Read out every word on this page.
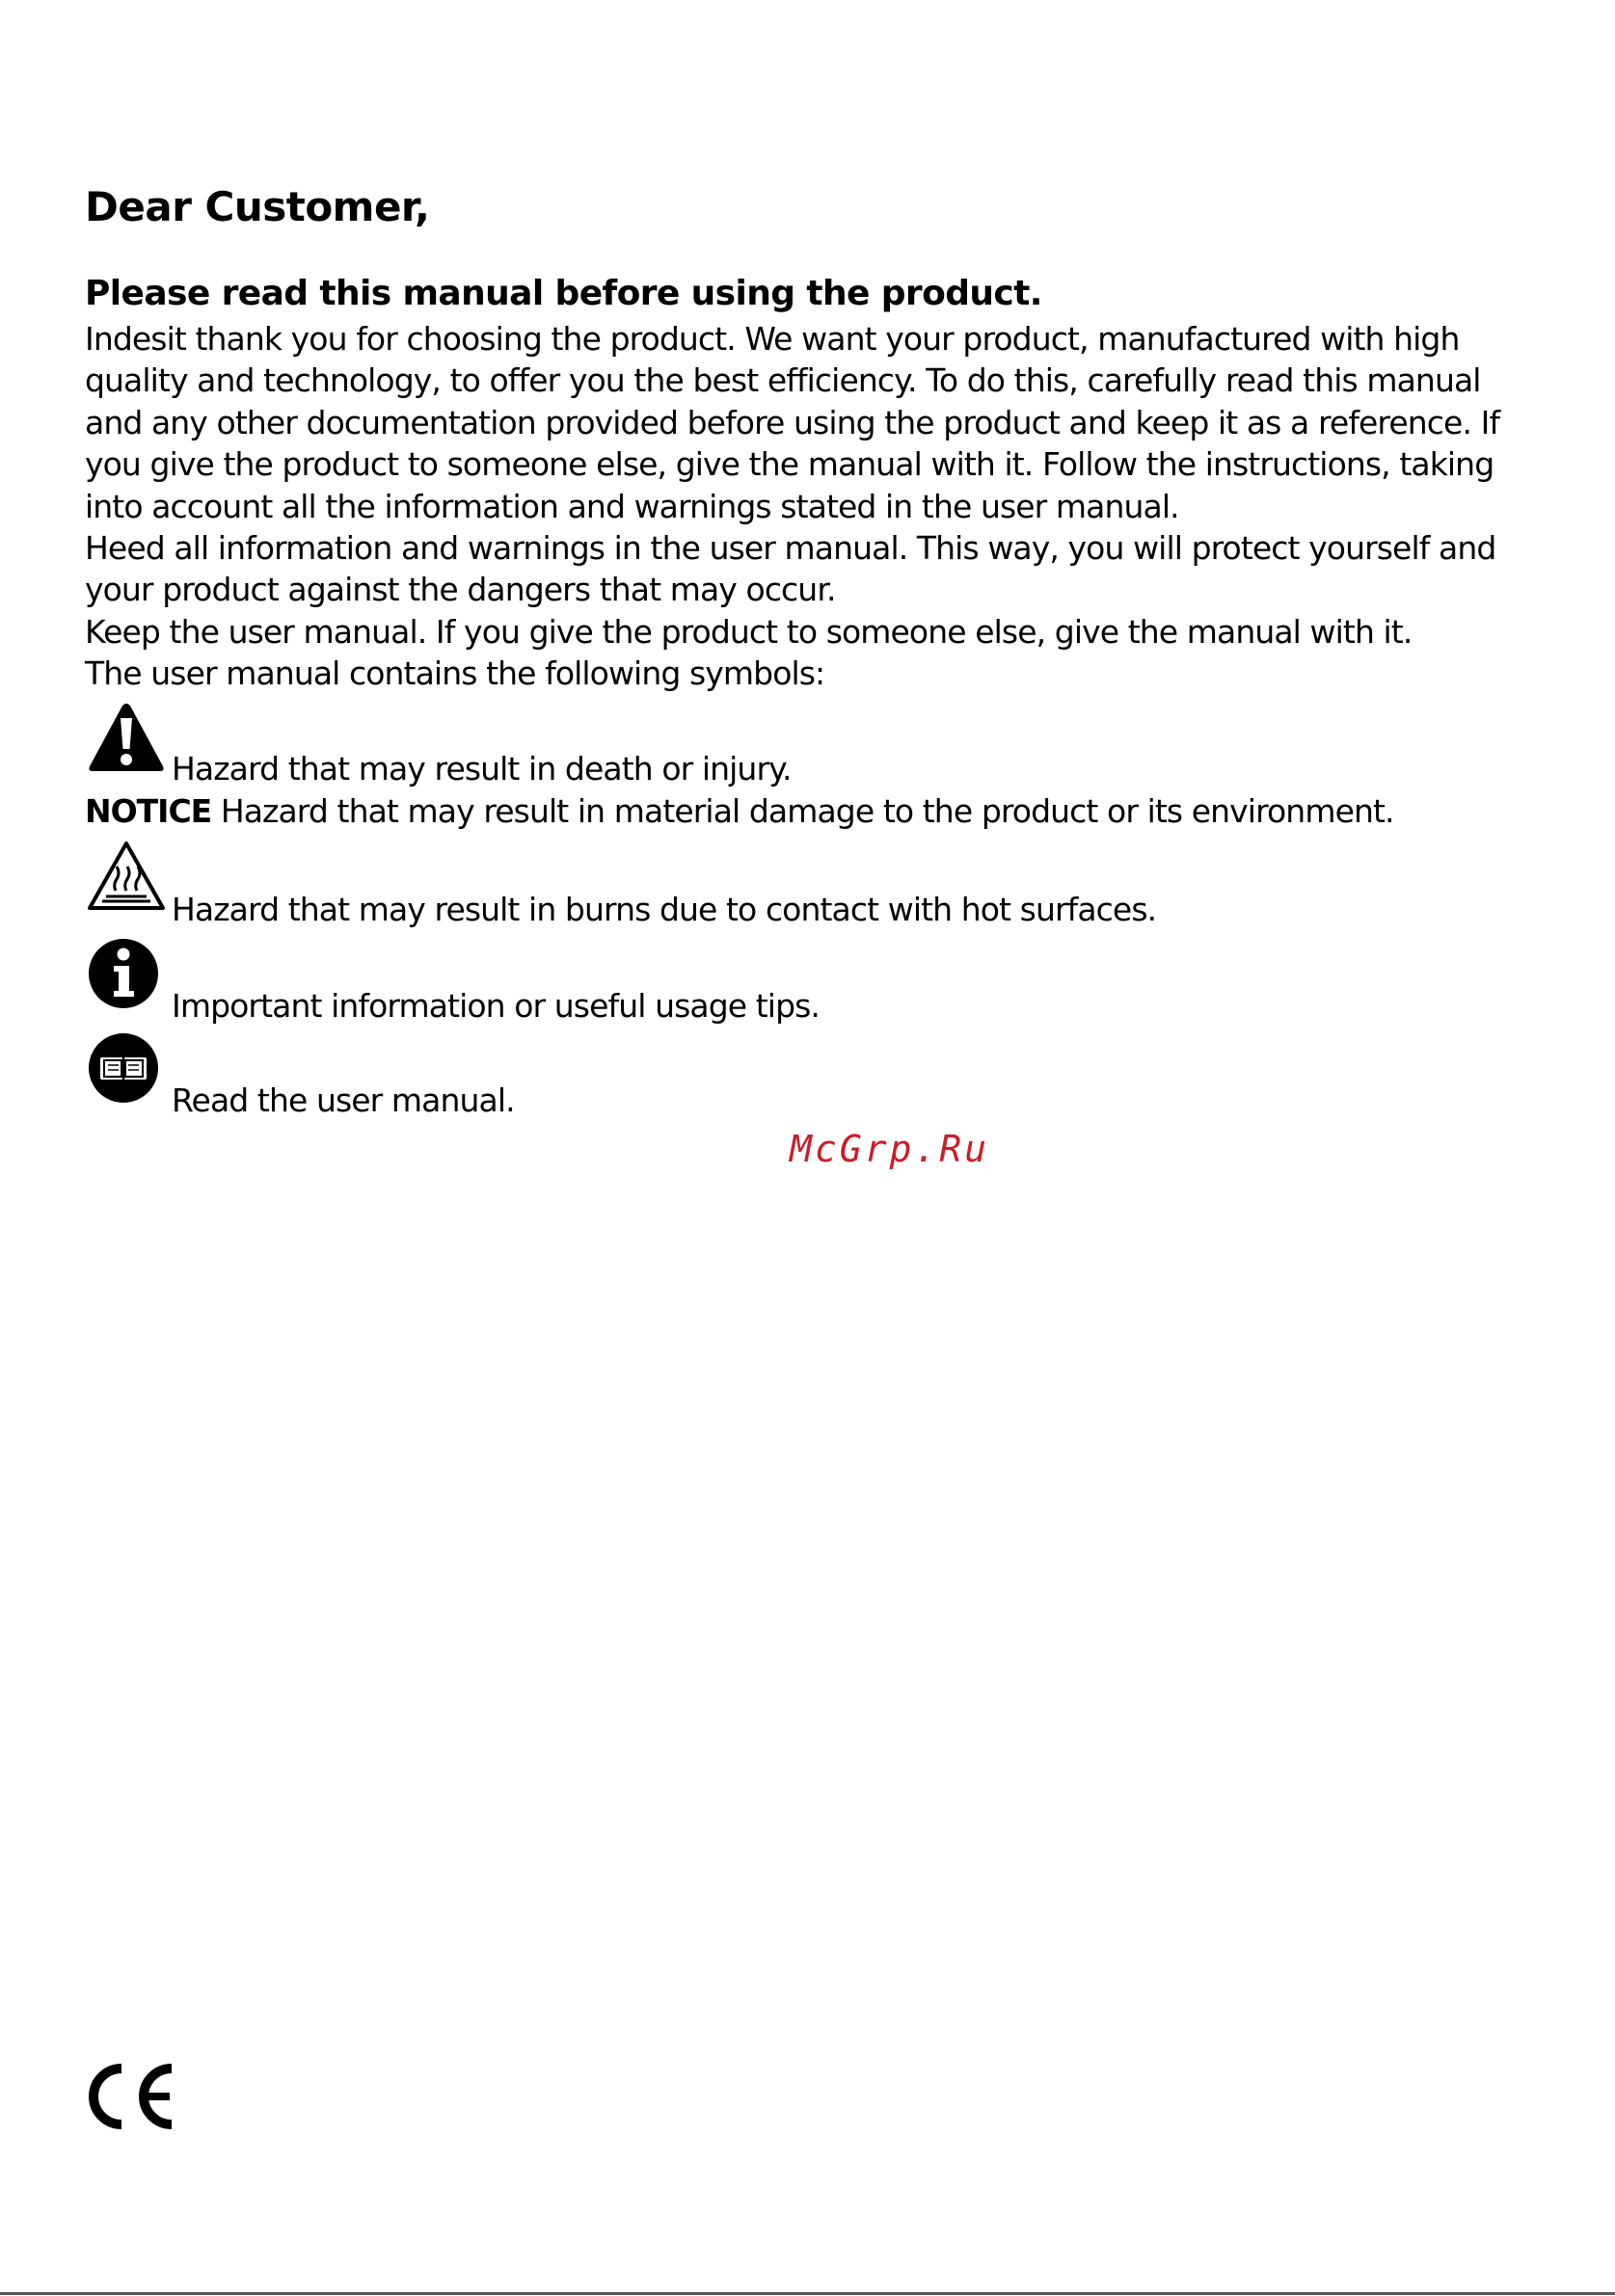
Dear Customer,
Please read this manual before using the product.

Indesit thank you for choosing the product. We want your product, manufactured with high quality and technology, to offer you the best efficiency. To do this, carefully read this manual and any other documentation provided before using the product and keep it as a reference. If you give the product to someone else, give the manual with it. Follow the instructions, taking into account all the information and warnings stated in the user manual.

Heed all information and warnings in the user manual. This way, you will protect yourself and your product against the dangers that may occur.

Keep the user manual. If you give the product to someone else, give the manual with it.

The user manual contains the following symbols:

Hazard that may result in death or injury.
NOTICE Hazard that may result in material damage to the product or its environment.
Hazard that may result in burns due to contact with hot surfaces.
Important information or useful usage tips.
Read the user manual.
McGrp.Ru
